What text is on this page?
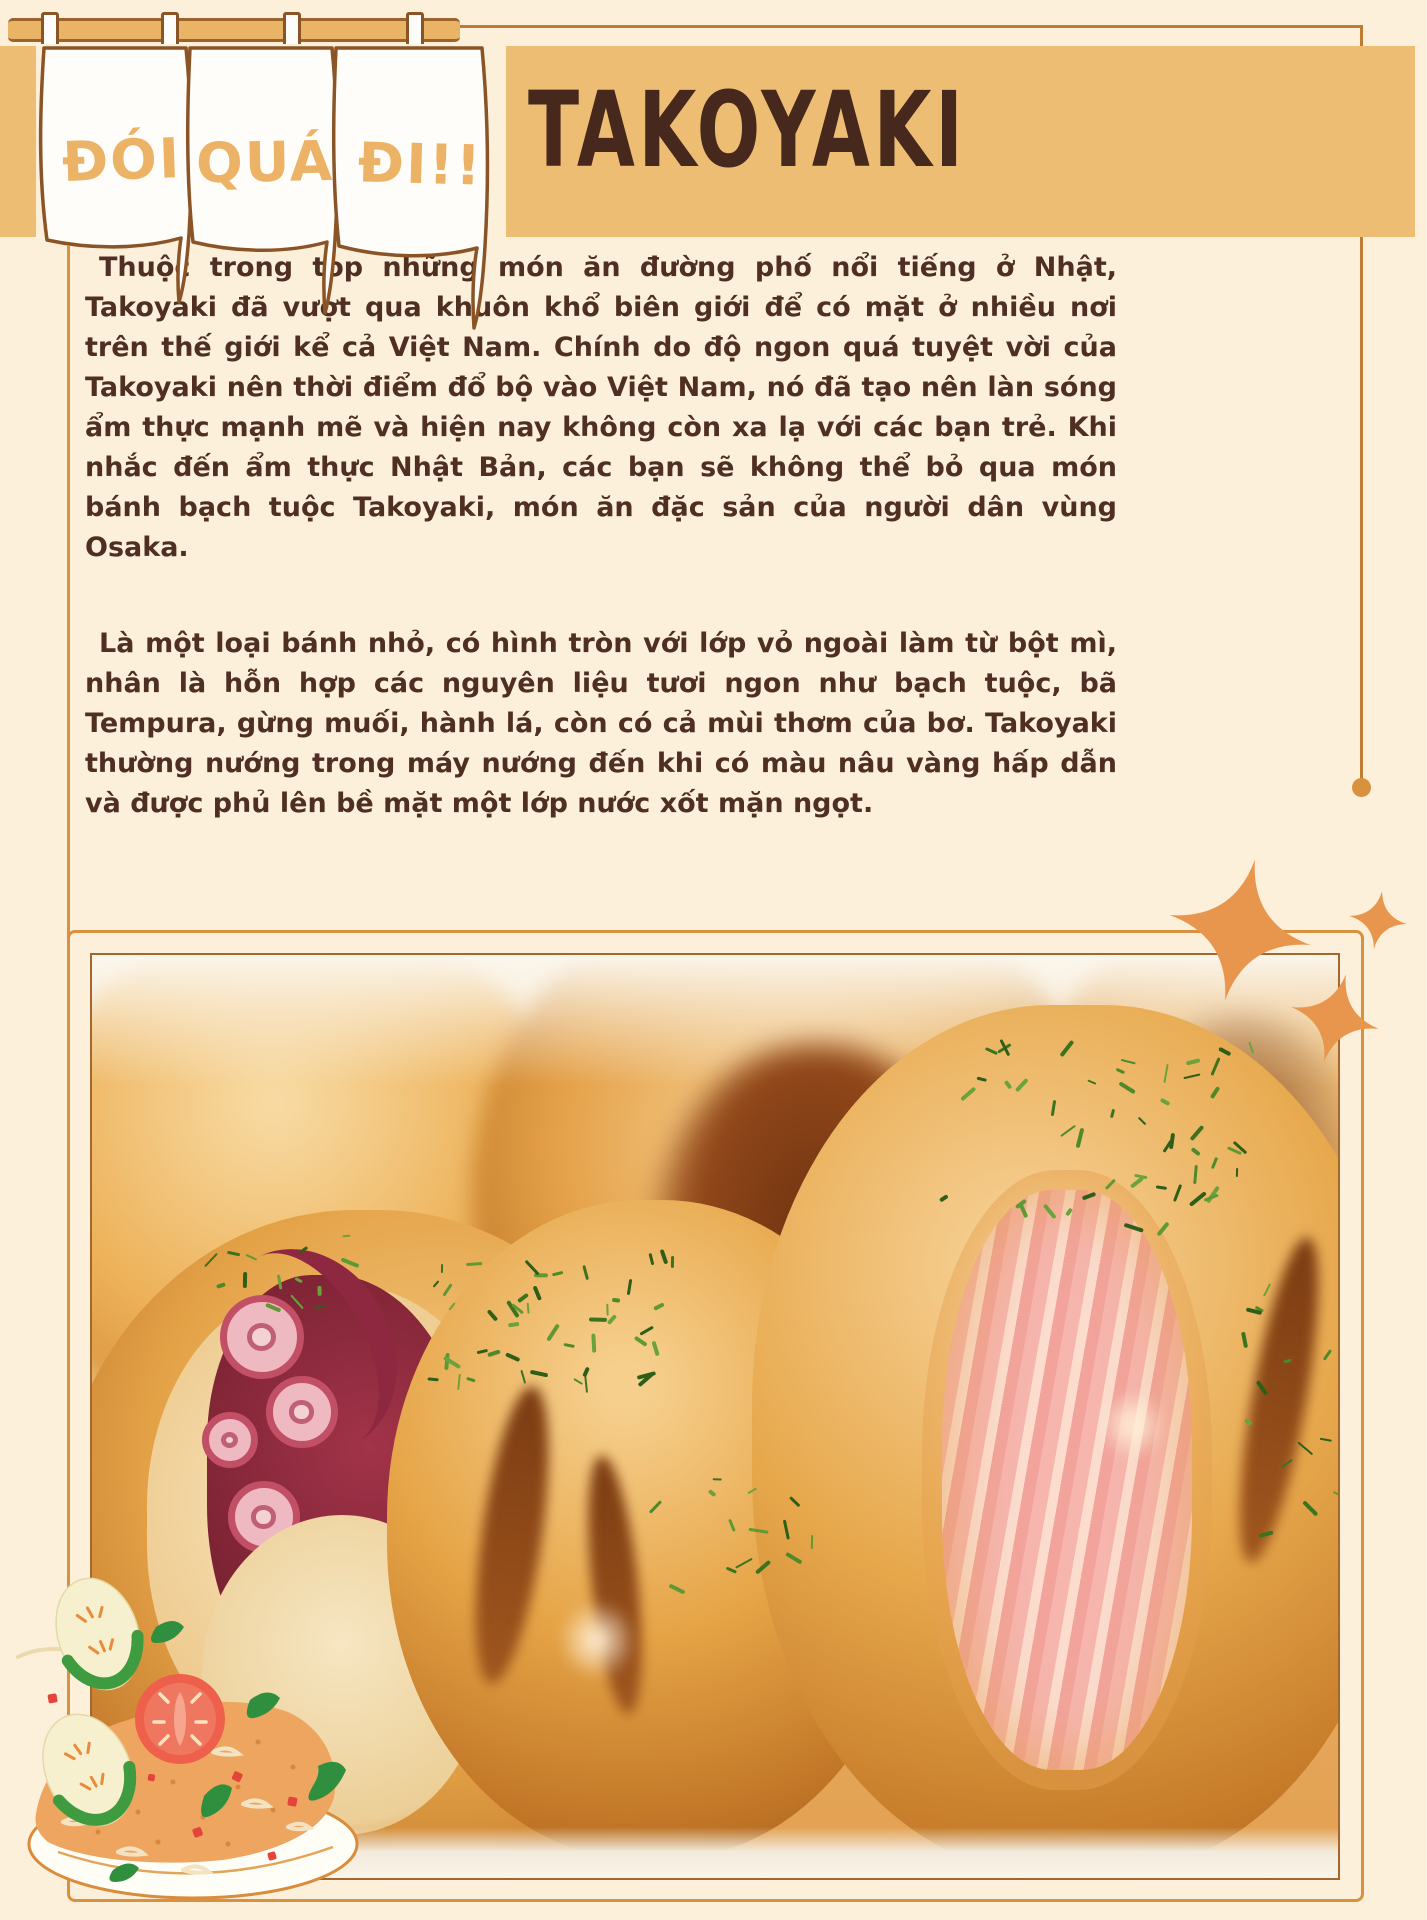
ĐÓI QUÁ ĐI!! TAKOYAKI

Thuộc trong top những món ăn đường phố nổi tiếng ở Nhật, Takoyaki đã vượt qua khuôn khổ biên giới để có mặt ở nhiều nơi trên thế giới kể cả Việt Nam. Chính do độ ngon quá tuyệt vời của Takoyaki nên thời điểm đổ bộ vào Việt Nam, nó đã tạo nên làn sóng ẩm thực mạnh mẽ và hiện nay không còn xa lạ với các bạn trẻ. Khi nhắc đến ẩm thực Nhật Bản, các bạn sẽ không thể bỏ qua món bánh bạch tuộc Takoyaki, món ăn đặc sản của người dân vùng Osaka.

Là một loại bánh nhỏ, có hình tròn với lớp vỏ ngoài làm từ bột mì, nhân là hỗn hợp các nguyên liệu tươi ngon như bạch tuộc, bã Tempura, gừng muối, hành lá, còn có cả mùi thơm của bơ. Takoyaki thường nướng trong máy nướng đến khi có màu nâu vàng hấp dẫn và được phủ lên bề mặt một lớp nước xốt mặn ngọt.
